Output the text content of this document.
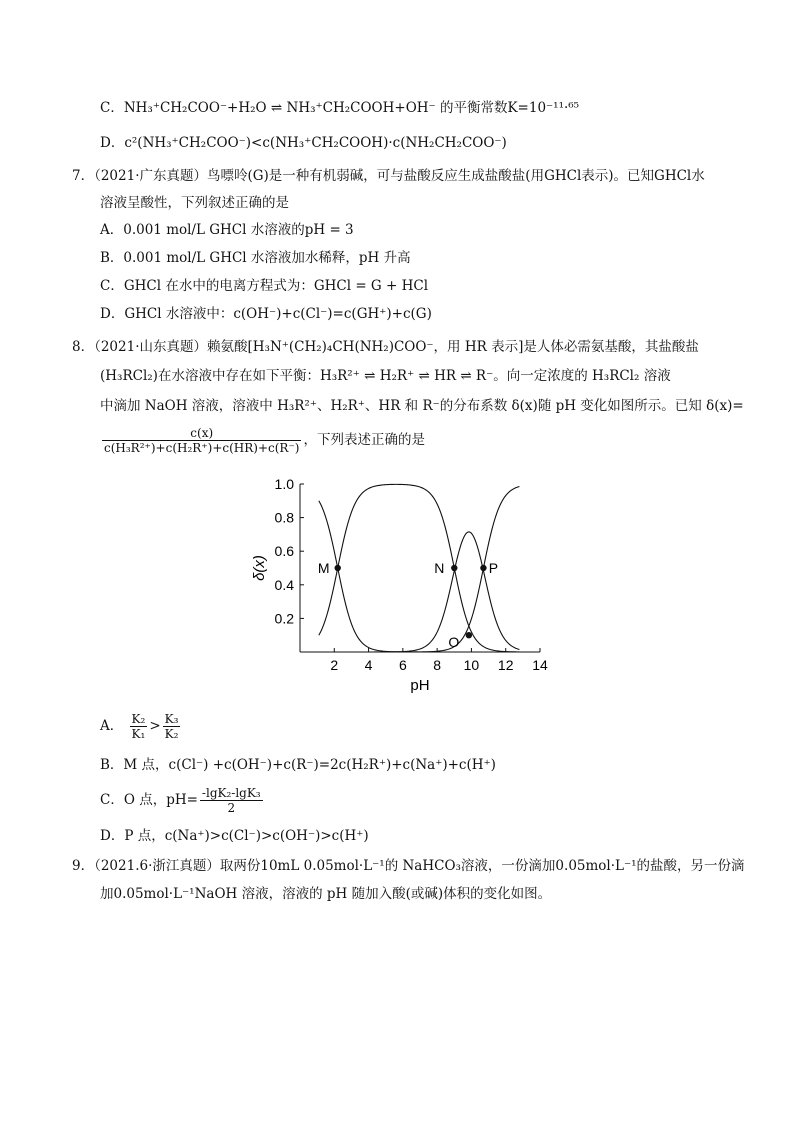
C．NH₃⁺CH₂COO⁻+H₂O ⇌ NH₃⁺CH₂COOH+OH⁻ 的平衡常数K=10⁻¹¹·⁶⁵
D．c²(NH₃⁺CH₂COO⁻)<c(NH₃⁺CH₂COOH)·c(NH₂CH₂COO⁻)
7．（2021·广东真题）鸟嘌呤(G)是一种有机弱碱，可与盐酸反应生成盐酸盐(用GHCl表示)。已知GHCl水
溶液呈酸性，下列叙述正确的是
A．0.001 mol/L GHCl 水溶液的pH = 3
B．0.001 mol/L GHCl 水溶液加水稀释，pH 升高
C．GHCl 在水中的电离方程式为：GHCl = G + HCl
D．GHCl 水溶液中：c(OH⁻)+c(Cl⁻)=c(GH⁺)+c(G)
8．（2021·山东真题）赖氨酸[H₃N⁺(CH₂)₄CH(NH₂)COO⁻，用 HR 表示]是人体必需氨基酸，其盐酸盐
(H₃RCl₂)在水溶液中存在如下平衡：H₃R²⁺ ⇌ H₂R⁺ ⇌ HR ⇌ R⁻。向一定浓度的 H₃RCl₂ 溶液
中滴加 NaOH 溶液，溶液中 H₃R²⁺、H₂R⁺、HR 和 R⁻的分布系数 δ(x)随 pH 变化如图所示。已知 δ(x)=
$\frac{c(x)}{\text{c(H₃R²⁺)+c(H₂R⁺)+c(HR)+c(R⁻)}}$ ，下列表述正确的是
2 4 6 8 10 12 14
0.2
0.4
0.6
0.8
1.0
pH
δ(x)	M	N
O
P
A． $\frac{\text{K₂}}{\text{K₁}} > \frac{\text{K₃}}{\text{K₂}}$
B．M 点，c(Cl⁻) +c(OH⁻)+c(R⁻)=2c(H₂R⁺)+c(Na⁺)+c(H⁺)
C．O 点，$pH= \frac{\text{-lgK₂-lgK₃}}{2}$
D．P 点，c(Na⁺)>c(Cl⁻)>c(OH⁻)>c(H⁺)
9．（2021.6·浙江真题）取两份10mL 0.05mol·L⁻¹的 NaHCO₃溶液，一份滴加0.05mol·L⁻¹的盐酸，另一份滴
加0.05mol·L⁻¹NaOH 溶液，溶液的 pH 随加入酸(或碱)体积的变化如图。
